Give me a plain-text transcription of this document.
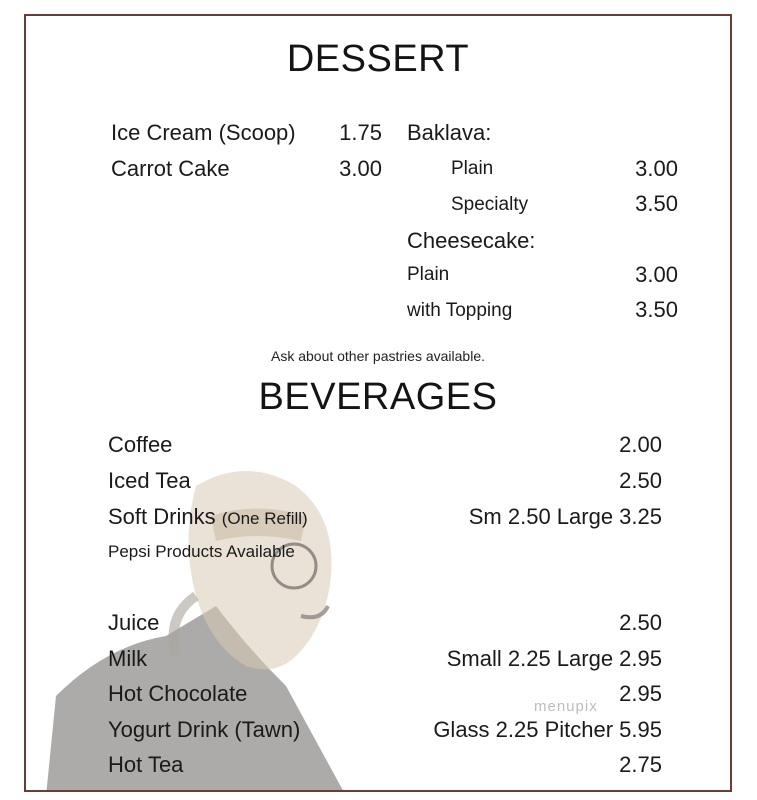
DESSERT
Ice Cream (Scoop)	1.75
Carrot Cake	3.00
Baklava:
Plain	3.00
Specialty	3.50
Cheesecake:
Plain	3.00
with Topping	3.50
Ask about other pastries available.
BEVERAGES
Coffee	2.00
Iced Tea	2.50
Soft Drinks (One Refill)	Sm 2.50 Large 3.25
Pepsi Products Available
Juice	2.50
Milk	Small 2.25 Large 2.95
Hot Chocolate	2.95
menupix
Yogurt Drink (Tawn)	Glass 2.25 Pitcher 5.95
Hot Tea	2.75
